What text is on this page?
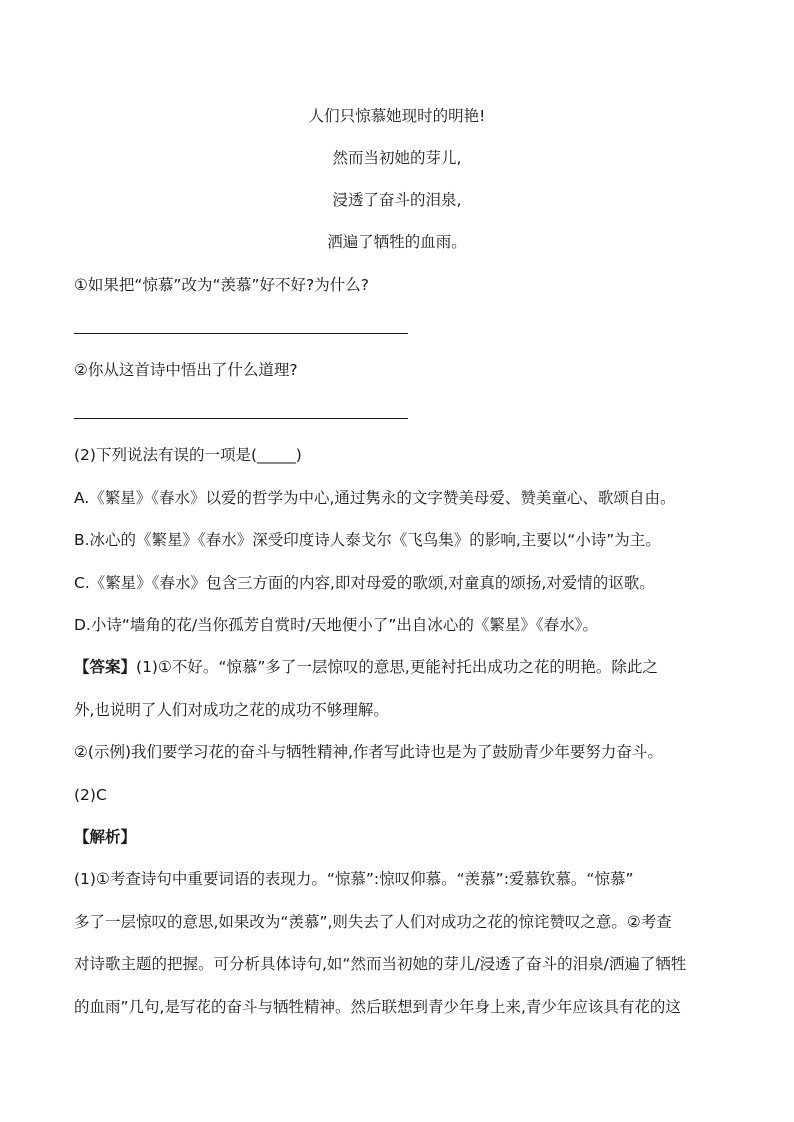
人们只惊慕她现时的明艳!
然而当初她的芽儿,
浸透了奋斗的泪泉,
洒遍了牺牲的血雨。
①如果把“惊慕”改为“羡慕”好不好?为什么?
②你从这首诗中悟出了什么道理?
(2)下列说法有误的一项是(_____)
A.《繁星》《春水》以爱的哲学为中心,通过隽永的文字赞美母爱、赞美童心、歌颂自由。
B.冰心的《繁星》《春水》深受印度诗人泰戈尔《飞鸟集》的影响,主要以“小诗”为主。
C.《繁星》《春水》包含三方面的内容,即对母爱的歌颂,对童真的颂扬,对爱情的讴歌。
D.小诗“墙角的花/当你孤芳自赏时/天地便小了”出自冰心的《繁星》《春水》。
【答案】(1)①不好。“惊慕”多了一层惊叹的意思,更能衬托出成功之花的明艳。除此之
外,也说明了人们对成功之花的成功不够理解。
②(示例)我们要学习花的奋斗与牺牲精神,作者写此诗也是为了鼓励青少年要努力奋斗。
(2)C
【解析】
(1)①考查诗句中重要词语的表现力。“惊慕”:惊叹仰慕。“羡慕”:爱慕钦慕。“惊慕”
多了一层惊叹的意思,如果改为“羡慕”,则失去了人们对成功之花的惊诧赞叹之意。②考查
对诗歌主题的把握。可分析具体诗句,如“然而当初她的芽儿/浸透了奋斗的泪泉/洒遍了牺牲
的血雨”几句,是写花的奋斗与牺牲精神。然后联想到青少年身上来,青少年应该具有花的这
